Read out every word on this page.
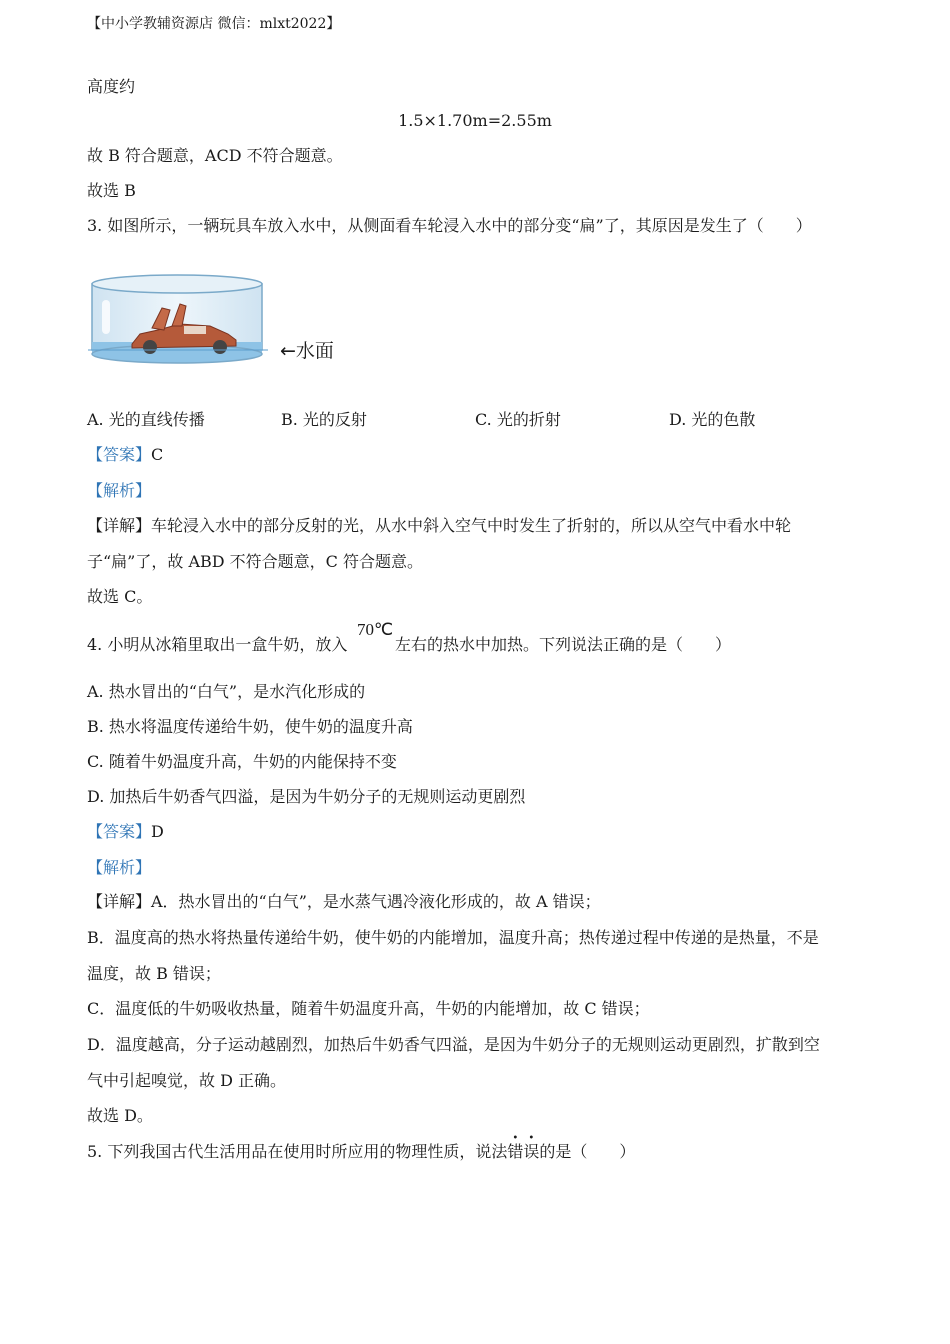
【中小学教辅资源店 微信：mlxt2022】
高度约
1.5×1.70m=2.55m
故 B 符合题意，ACD 不符合题意。
故选 B
3. 如图所示，一辆玩具车放入水中，从侧面看车轮浸入水中的部分变“扁”了，其原因是发生了（　　）
←水面
A. 光的直线传播	B. 光的反射	C. 光的折射	D. 光的色散
【答案】C
【解析】
【详解】车轮浸入水中的部分反射的光，从水中斜入空气中时发生了折射的，所以从空气中看水中轮
子“扁”了，故 ABD 不符合题意，C 符合题意。
故选 C。
4. 小明从冰箱里取出一盒牛奶，放入
70℃
左右的热水中加热。下列说法正确的是（　　）
A. 热水冒出的“白气”，是水汽化形成的
B. 热水将温度传递给牛奶，使牛奶的温度升高
C. 随着牛奶温度升高，牛奶的内能保持不变
D. 加热后牛奶香气四溢，是因为牛奶分子的无规则运动更剧烈
【答案】D
【解析】
【详解】A．热水冒出的“白气”，是水蒸气遇冷液化形成的，故 A 错误；
B．温度高的热水将热量传递给牛奶，使牛奶的内能增加，温度升高；热传递过程中传递的是热量，不是
温度，故 B 错误；
C．温度低的牛奶吸收热量，随着牛奶温度升高，牛奶的内能增加，故 C 错误；
D．温度越高，分子运动越剧烈，加热后牛奶香气四溢，是因为牛奶分子的无规则运动更剧烈，扩散到空
气中引起嗅觉，故 D 正确。
故选 D。
5. 下列我国古代生活用品在使用时所应用的物理性质，说法
•
错
•
误的是（　　）
